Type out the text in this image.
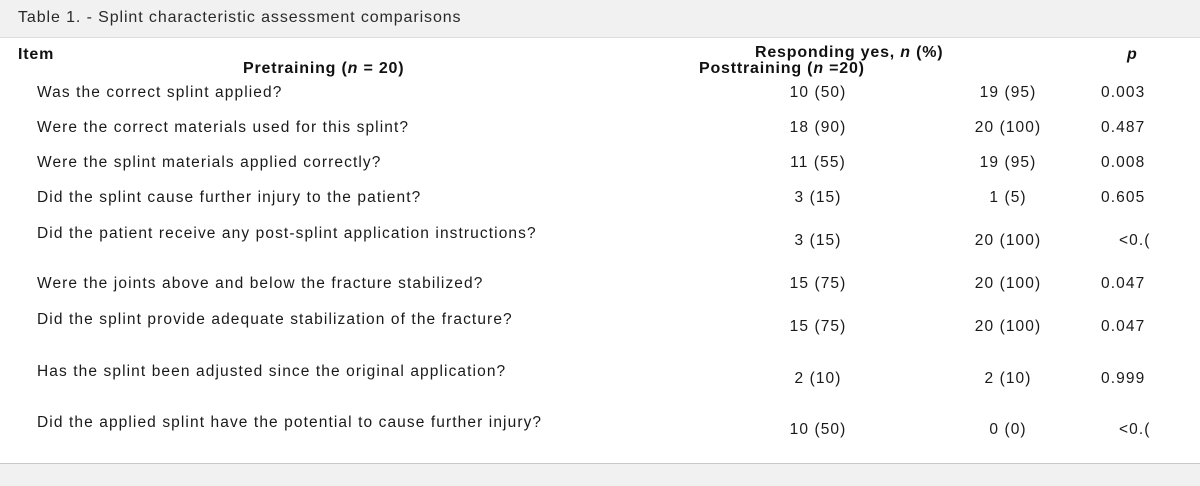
Table 1. - Splint characteristic assessment comparisons
Item	Responding yes, n (%)	p
Pretraining (n = 20)	Posttraining (n =20)
Was the correct splint applied?	10 (50)	19 (95)	0.003
Were the correct materials used for this splint?	18 (90)	20 (100)	0.487
Were the splint materials applied correctly?	11 (55)	19 (95)	0.008
Did the splint cause further injury to the patient?	3 (15)	1 (5)	0.605
Did the patient receive any post-splint application instructions?	3 (15)	20 (100)	<0.(
Were the joints above and below the fracture stabilized?	15 (75)	20 (100)	0.047
Did the splint provide adequate stabilization of the fracture?	15 (75)	20 (100)	0.047
Has the splint been adjusted since the original application?	2 (10)	2 (10)	0.999
Did the applied splint have the potential to cause further injury?	10 (50)	0 (0)	<0.(
